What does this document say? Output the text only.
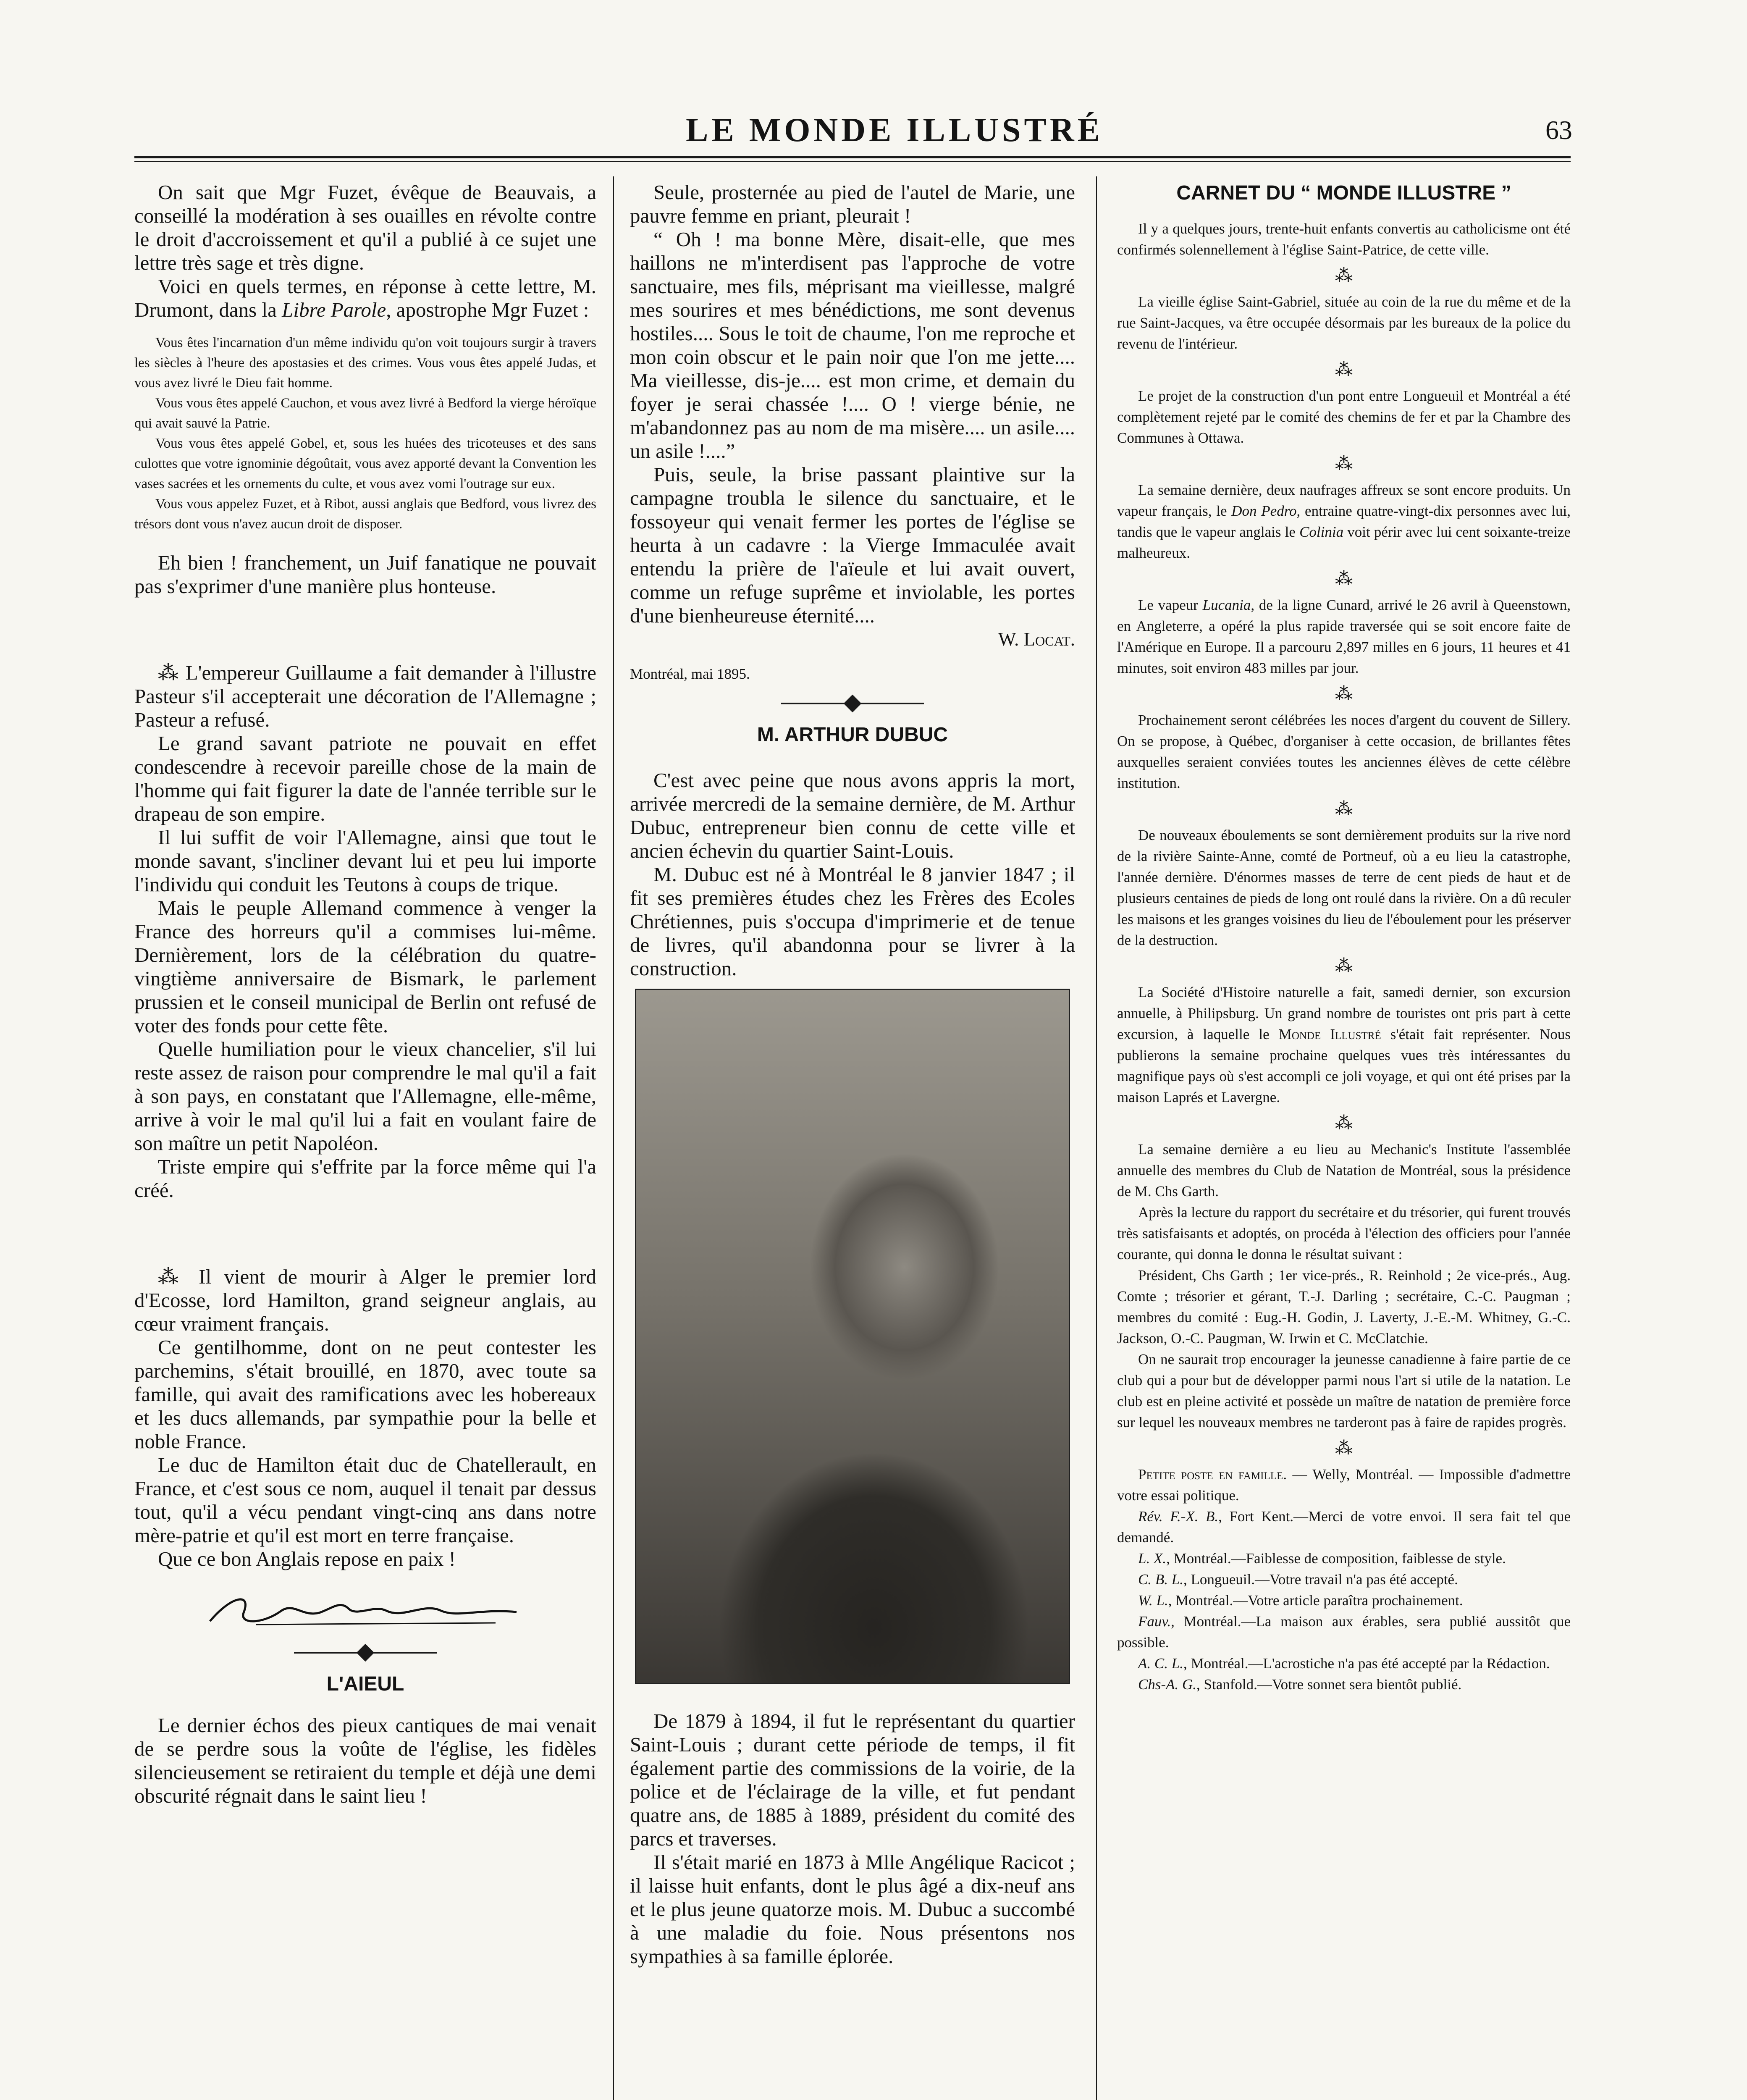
LE MONDE ILLUSTRÉ	63

On sait que Mgr Fuzet, évêque de Beauvais, a conseillé la modération à ses ouailles en révolte contre le droit d'accroissement et qu'il a publié à ce sujet une lettre très sage et très digne.

Voici en quels termes, en réponse à cette lettre, M. Drumont, dans la Libre Parole, apostrophe Mgr Fuzet :

Vous êtes l'incarnation d'un même individu qu'on voit toujours surgir à travers les siècles à l'heure des apostasies et des crimes. Vous vous êtes appelé Judas, et vous avez livré le Dieu fait homme.

Vous vous êtes appelé Cauchon, et vous avez livré à Bedford la vierge héroïque qui avait sauvé la Patrie.

Vous vous êtes appelé Gobel, et, sous les huées des tricoteuses et des sans culottes que votre ignominie dégoûtait, vous avez apporté devant la Convention les vases sacrées et les ornements du culte, et vous avez vomi l'outrage sur eux.

Vous vous appelez Fuzet, et à Ribot, aussi anglais que Bedford, vous livrez des trésors dont vous n'avez aucun droit de disposer.

Eh bien ! franchement, un Juif fanatique ne pouvait pas s'exprimer d'une manière plus honteuse.

⁂ L'empereur Guillaume a fait demander à l'illustre Pasteur s'il accepterait une décoration de l'Allemagne ; Pasteur a refusé.

Le grand savant patriote ne pouvait en effet condescendre à recevoir pareille chose de la main de l'homme qui fait figurer la date de l'année terrible sur le drapeau de son empire.

Il lui suffit de voir l'Allemagne, ainsi que tout le monde savant, s'incliner devant lui et peu lui importe l'individu qui conduit les Teutons à coups de trique.

Mais le peuple Allemand commence à venger la France des horreurs qu'il a commises lui-même. Dernièrement, lors de la célébration du quatre-vingtième anniversaire de Bismark, le parlement prussien et le conseil municipal de Berlin ont refusé de voter des fonds pour cette fête.

Quelle humiliation pour le vieux chancelier, s'il lui reste assez de raison pour comprendre le mal qu'il a fait à son pays, en constatant que l'Allemagne, elle-même, arrive à voir le mal qu'il lui a fait en voulant faire de son maître un petit Napoléon.

Triste empire qui s'effrite par la force même qui l'a créé.

⁂ Il vient de mourir à Alger le premier lord d'Ecosse, lord Hamilton, grand seigneur anglais, au cœur vraiment français.

Ce gentilhomme, dont on ne peut contester les parchemins, s'était brouillé, en 1870, avec toute sa famille, qui avait des ramifications avec les hobereaux et les ducs allemands, par sympathie pour la belle et noble France.

Le duc de Hamilton était duc de Chatellerault, en France, et c'est sous ce nom, auquel il tenait par dessus tout, qu'il a vécu pendant vingt-cinq ans dans notre mère-patrie et qu'il est mort en terre française.

Que ce bon Anglais repose en paix !

L'AIEUL

Le dernier échos des pieux cantiques de mai venait de se perdre sous la voûte de l'église, les fidèles silencieusement se retiraient du temple et déjà une demi obscurité régnait dans le saint lieu !

Seule, prosternée au pied de l'autel de Marie, une pauvre femme en priant, pleurait !

“ Oh ! ma bonne Mère, disait-elle, que mes haillons ne m'interdisent pas l'approche de votre sanctuaire, mes fils, méprisant ma vieillesse, malgré mes sourires et mes bénédictions, me sont devenus hostiles.... Sous le toit de chaume, l'on me reproche et mon coin obscur et le pain noir que l'on me jette.... Ma vieillesse, dis-je.... est mon crime, et demain du foyer je serai chassée !.... O ! vierge bénie, ne m'abandonnez pas au nom de ma misère.... un asile.... un asile !....”

Puis, seule, la brise passant plaintive sur la campagne troubla le silence du sanctuaire, et le fossoyeur qui venait fermer les portes de l'église se heurta à un cadavre : la Vierge Immaculée avait entendu la prière de l'aïeule et lui avait ouvert, comme un refuge suprême et inviolable, les portes d'une bienheureuse éternité....

W. Locat.

Montréal, mai 1895.

M. ARTHUR DUBUC

C'est avec peine que nous avons appris la mort, arrivée mercredi de la semaine dernière, de M. Arthur Dubuc, entrepreneur bien connu de cette ville et ancien échevin du quartier Saint-Louis.

M. Dubuc est né à Montréal le 8 janvier 1847 ; il fit ses premières études chez les Frères des Ecoles Chrétiennes, puis s'occupa d'imprimerie et de tenue de livres, qu'il abandonna pour se livrer à la construction.

De 1879 à 1894, il fut le représentant du quartier Saint-Louis ; durant cette période de temps, il fit également partie des commissions de la voirie, de la police et de l'éclairage de la ville, et fut pendant quatre ans, de 1885 à 1889, président du comité des parcs et traverses.

Il s'était marié en 1873 à Mlle Angélique Racicot ; il laisse huit enfants, dont le plus âgé a dix-neuf ans et le plus jeune quatorze mois. M. Dubuc a succombé à une maladie du foie. Nous présentons nos sympathies à sa famille éplorée.

CARNET DU “ MONDE ILLUSTRE ”

Il y a quelques jours, trente-huit enfants convertis au catholicisme ont été confirmés solennellement à l'église Saint-Patrice, de cette ville.

⁂

La vieille église Saint-Gabriel, située au coin de la rue du même et de la rue Saint-Jacques, va être occupée désormais par les bureaux de la police du revenu de l'intérieur.

⁂

Le projet de la construction d'un pont entre Longueuil et Montréal a été complètement rejeté par le comité des chemins de fer et par la Chambre des Communes à Ottawa.

⁂

La semaine dernière, deux naufrages affreux se sont encore produits. Un vapeur français, le Don Pedro, entraine quatre-vingt-dix personnes avec lui, tandis que le vapeur anglais le Colinia voit périr avec lui cent soixante-treize malheureux.

⁂

Le vapeur Lucania, de la ligne Cunard, arrivé le 26 avril à Queenstown, en Angleterre, a opéré la plus rapide traversée qui se soit encore faite de l'Amérique en Europe. Il a parcouru 2,897 milles en 6 jours, 11 heures et 41 minutes, soit environ 483 milles par jour.

⁂

Prochainement seront célébrées les noces d'argent du couvent de Sillery. On se propose, à Québec, d'organiser à cette occasion, de brillantes fêtes auxquelles seraient conviées toutes les anciennes élèves de cette célèbre institution.

⁂

De nouveaux éboulements se sont dernièrement produits sur la rive nord de la rivière Sainte-Anne, comté de Portneuf, où a eu lieu la catastrophe, l'année dernière. D'énormes masses de terre de cent pieds de haut et de plusieurs centaines de pieds de long ont roulé dans la rivière. On a dû reculer les maisons et les granges voisines du lieu de l'éboulement pour les préserver de la destruction.

⁂

La Société d'Histoire naturelle a fait, samedi dernier, son excursion annuelle, à Philipsburg. Un grand nombre de touristes ont pris part à cette excursion, à laquelle le Monde Illustré s'était fait représenter. Nous publierons la semaine prochaine quelques vues très intéressantes du magnifique pays où s'est accompli ce joli voyage, et qui ont été prises par la maison Laprés et Lavergne.

⁂

La semaine dernière a eu lieu au Mechanic's Institute l'assemblée annuelle des membres du Club de Natation de Montréal, sous la présidence de M. Chs Garth.

Après la lecture du rapport du secrétaire et du trésorier, qui furent trouvés très satisfaisants et adoptés, on procéda à l'élection des officiers pour l'année courante, qui donna le donna le résultat suivant :

Président, Chs Garth ; 1er vice-prés., R. Reinhold ; 2e vice-prés., Aug. Comte ; trésorier et gérant, T.-J. Darling ; secrétaire, C.-C. Paugman ; membres du comité : Eug.-H. Godin, J. Laverty, J.-E.-M. Whitney, G.-C. Jackson, O.-C. Paugman, W. Irwin et C. McClatchie.

On ne saurait trop encourager la jeunesse canadienne à faire partie de ce club qui a pour but de développer parmi nous l'art si utile de la natation. Le club est en pleine activité et possède un maître de natation de première force sur lequel les nouveaux membres ne tarderont pas à faire de rapides progrès.

⁂

Petite poste en famille. — Welly, Montréal. — Impossible d'admettre votre essai politique.

Rév. F.-X. B., Fort Kent.—Merci de votre envoi. Il sera fait tel que demandé.

L. X., Montréal.—Faiblesse de composition, faiblesse de style.

C. B. L., Longueuil.—Votre travail n'a pas été accepté.

W. L., Montréal.—Votre article paraîtra prochainement.

Fauv., Montréal.—La maison aux érables, sera publié aussitôt que possible.

A. C. L., Montréal.—L'acrostiche n'a pas été accepté par la Rédaction.

Chs-A. G., Stanfold.—Votre sonnet sera bientôt publié.
